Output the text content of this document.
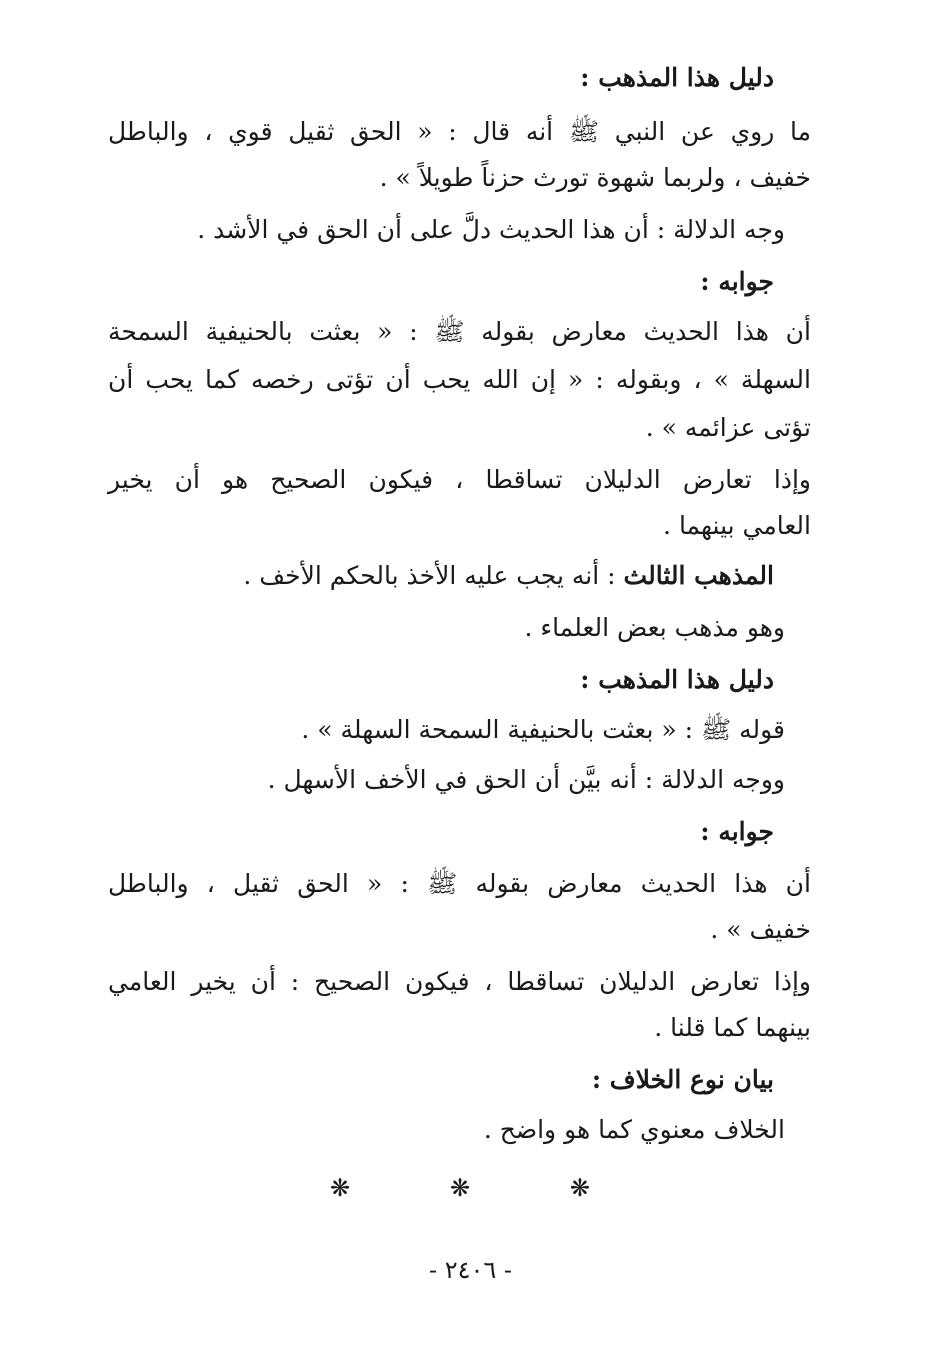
دليل هذا المذهب :
ما روي عن النبي ﷺ أنه قال : « الحق ثقيل قوي ، والباطل
خفيف ، ولربما شهوة تورث حزناً طويلاً » .
وجه الدلالة : أن هذا الحديث دلَّ على أن الحق في الأشد .
جوابه :
أن هذا الحديث معارض بقوله ﷺ : « بعثت بالحنيفية السمحة
السهلة » ، وبقوله : « إن الله يحب أن تؤتى رخصه كما يحب أن
تؤتى عزائمه » .
وإذا تعارض الدليلان تساقطا ، فيكون الصحيح هو أن يخير
العامي بينهما .
المذهب الثالث : أنه يجب عليه الأخذ بالحكم الأخف .
وهو مذهب بعض العلماء .
دليل هذا المذهب :
قوله ﷺ : « بعثت بالحنيفية السمحة السهلة » .
ووجه الدلالة : أنه بيَّن أن الحق في الأخف الأسهل .
جوابه :
أن هذا الحديث معارض بقوله ﷺ : « الحق ثقيل ، والباطل
خفيف » .
وإذا تعارض الدليلان تساقطا ، فيكون الصحيح : أن يخير العامي
بينهما كما قلنا .
بيان نوع الخلاف :
الخلاف معنوي كما هو واضح .
❋	❋	❋
- ٢٤٠٦ -
